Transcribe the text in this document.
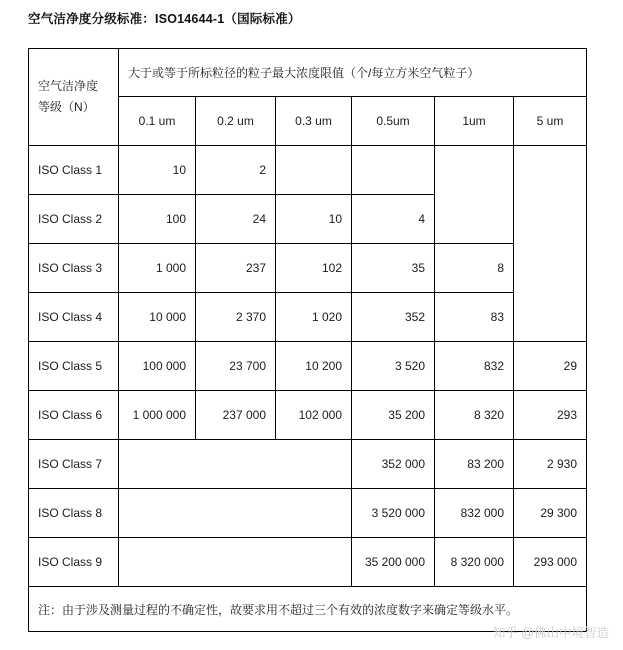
空气洁净度分级标准：ISO14644-1（国际标准）
空气洁净度等级（N）	大于或等于所标粒径的粒子最大浓度限值（个/每立方米空气粒子）					
	0.1 um	0.2 um	0.3 um	0.5um	1um	5 um
ISO Class 1	10	2				
ISO Class 2	100	24	10	4		
ISO Class 3	1 000	237	102	35	8	
ISO Class 4	10 000	2 370	1 020	352	83	
ISO Class 5	100 000	23 700	10 200	3 520	832	29
ISO Class 6	1 000 000	237 000	102 000	35 200	8 320	293
ISO Class 7				352 000	83 200	2 930
ISO Class 8				3 520 000	832 000	29 300
ISO Class 9				35 200 000	8 320 000	293 000
注：由于涉及测量过程的不确定性，故要求用不超过三个有效的浓度数字来确定等级水平。						
知乎 @佛山中境智造
